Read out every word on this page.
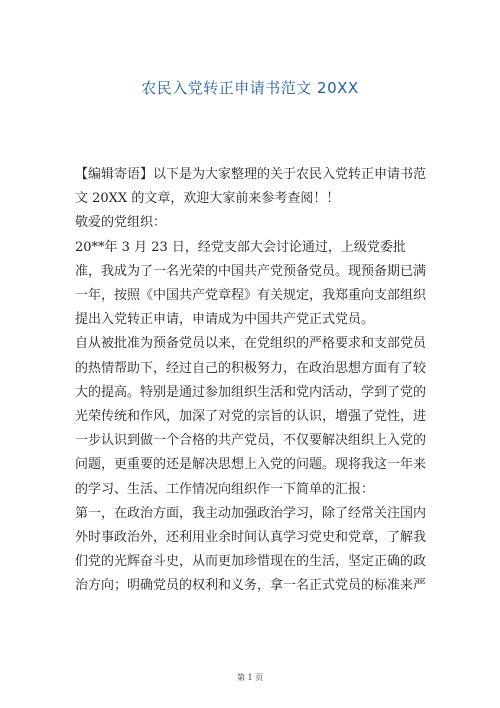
农民入党转正申请书范文 20XX

【编辑寄语】以下是为大家整理的关于农民入党转正申请书范文 20XX 的文章，欢迎大家前来参考查阅！！

敬爱的党组织：

20**年 3 月 23 日，经党支部大会讨论通过，上级党委批准，我成为了一名光荣的中国共产党预备党员。现预备期已满一年，按照《中国共产党章程》有关规定，我郑重向支部组织提出入党转正申请，申请成为中国共产党正式党员。

自从被批准为预备党员以来，在党组织的严格要求和支部党员的热情帮助下，经过自己的积极努力，在政治思想方面有了较大的提高。特别是通过参加组织生活和党内活动，学到了党的光荣传统和作风，加深了对党的宗旨的认识，增强了党性，进一步认识到做一个合格的共产党员，不仅要解决组织上入党的问题，更重要的还是解决思想上入党的问题。现将我这一年来的学习、生活、工作情况向组织作一下简单的汇报：

第一，在政治方面，我主动加强政治学习，除了经常关注国内外时事政治外，还利用业余时间认真学习党史和党章，了解我们党的光辉奋斗史，从而更加珍惜现在的生活，坚定正确的政治方向；明确党员的权利和义务，拿一名正式党员的标准来严

第 1 页
